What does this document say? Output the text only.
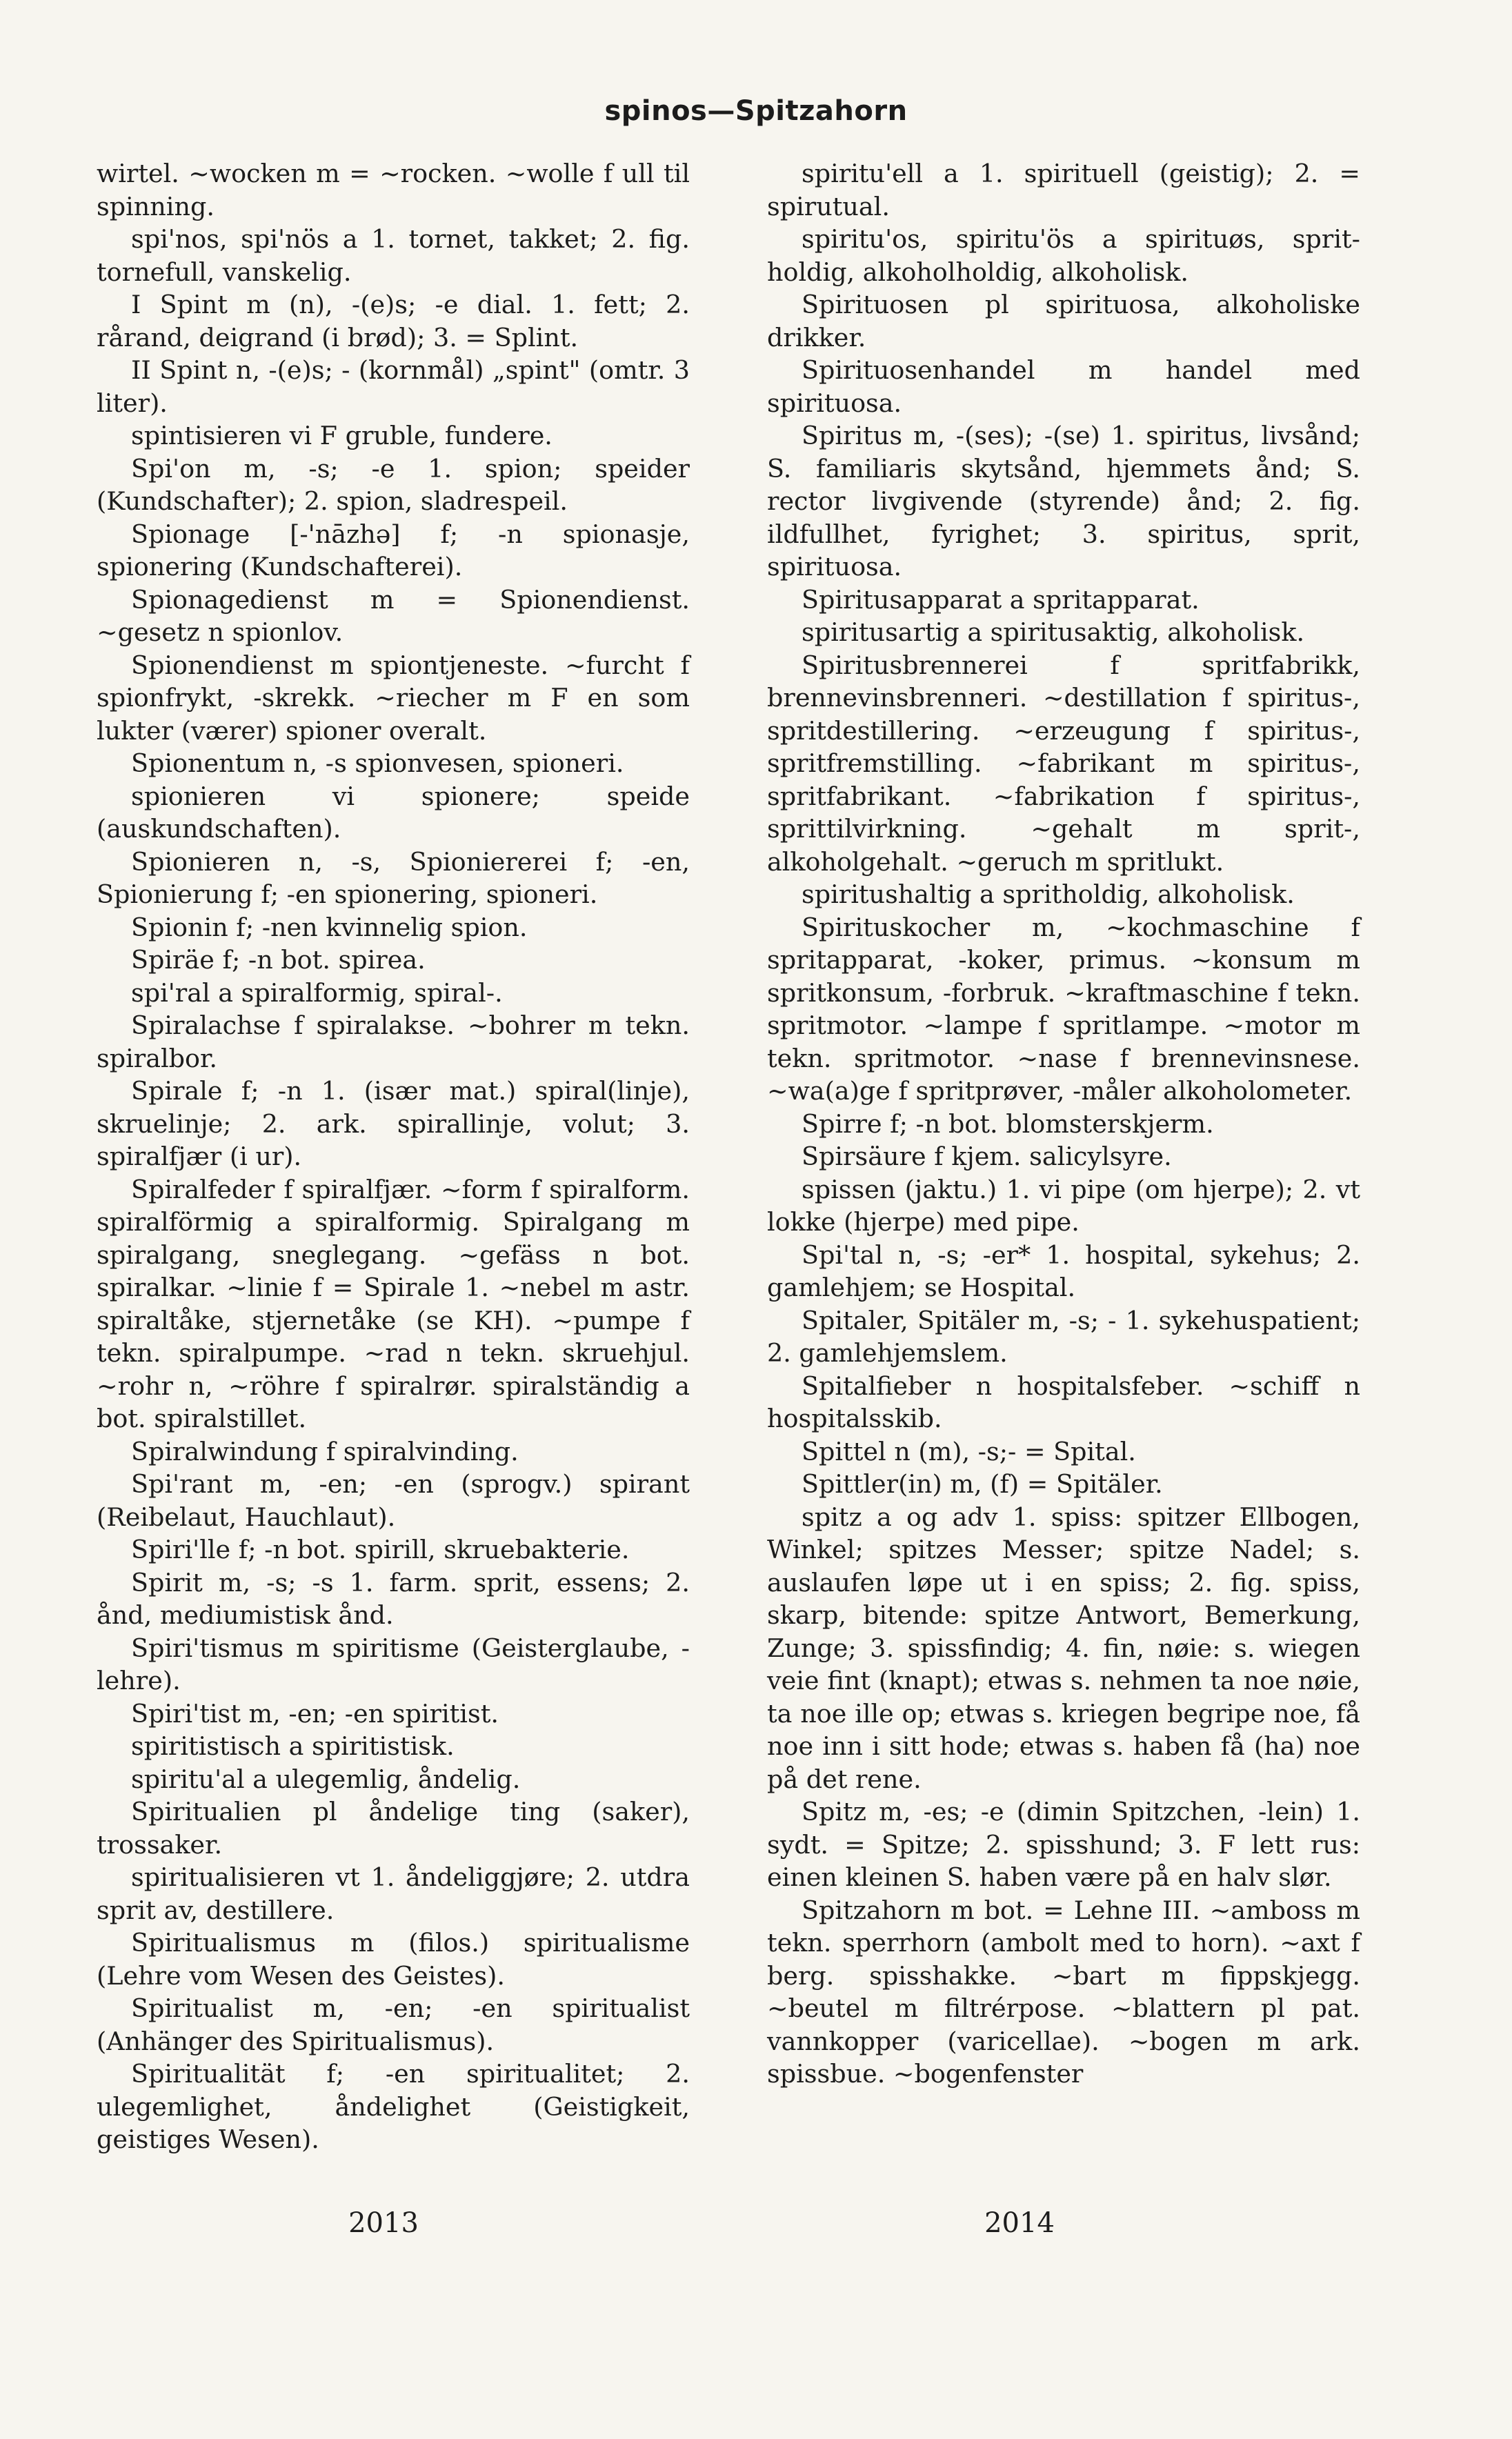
spinos—Spitzahorn

wirtel. ~wocken m = ~rocken. ~wolle f ull til spinning.

spi'nos, spi'nös a 1. tornet, takket; 2. fig. tornefull, vanskelig.

I Spint m (n), -(e)s; -e dial. 1. fett; 2. rårand, deigrand (i brød); 3. = Splint.

II Spint n, -(e)s; - (kornmål) „spint" (omtr. 3 liter).

spintisieren vi F gruble, fundere.

Spi'on m, -s; -e 1. spion; speider (Kundschafter); 2. spion, sladrespeil.

Spionage [-'nāzhə] f; -n spionasje, spionering (Kundschafterei).

Spionagedienst m = Spionendienst. ~gesetz n spionlov.

Spionendienst m spiontjeneste. ~furcht f spionfrykt, -skrekk. ~riecher m F en som lukter (værer) spioner overalt.

Spionentum n, -s spionvesen, spioneri.

spionieren vi spionere; speide (auskundschaften).

Spionieren n, -s, Spioniererei f; -en, Spionierung f; -en spionering, spioneri.

Spionin f; -nen kvinnelig spion.

Spiräe f; -n bot. spirea.

spi'ral a spiralformig, spiral-.

Spiralachse f spiralakse. ~bohrer m tekn. spiralbor.

Spirale f; -n 1. (især mat.) spiral(linje), skruelinje; 2. ark. spirallinje, volut; 3. spiralfjær (i ur).

Spiralfeder f spiralfjær. ~form f spiralform. spiralförmig a spiralformig. Spiralgang m spiralgang, sneglegang. ~gefäss n bot. spiralkar. ~linie f = Spirale 1. ~nebel m astr. spiraltåke, stjernetåke (se KH). ~pumpe f tekn. spiralpumpe. ~rad n tekn. skruehjul. ~rohr n, ~röhre f spiralrør. spiralständig a bot. spiralstillet.

Spiralwindung f spiralvinding.

Spi'rant m, -en; -en (sprogv.) spirant (Reibelaut, Hauchlaut).

Spiri'lle f; -n bot. spirill, skruebakterie.

Spirit m, -s; -s 1. farm. sprit, essens; 2. ånd, mediumistisk ånd.

Spiri'tismus m spiritisme (Geisterglaube, -lehre).

Spiri'tist m, -en; -en spiritist.

spiritistisch a spiritistisk.

spiritu'al a ulegemlig, åndelig.

Spiritualien pl åndelige ting (saker), trossaker.

spiritualisieren vt 1. åndeliggjøre; 2. utdra sprit av, destillere.

Spiritualismus m (filos.) spiritualisme (Lehre vom Wesen des Geistes).

Spiritualist m, -en; -en spiritualist (Anhänger des Spiritualismus).

Spiritualität f; -en spiritualitet; 2. ulegemlighet, åndelighet (Geistigkeit, geistiges Wesen).

spiritu'ell a 1. spirituell (geistig); 2. = spirutual.

spiritu'os, spiritu'ös a spirituøs, sprit-holdig, alkoholholdig, alkoholisk.

Spirituosen pl spirituosa, alkoholiske drikker.

Spirituosenhandel m handel med spirituosa.

Spiritus m, -(ses); -(se) 1. spiritus, livsånd; S. familiaris skytsånd, hjemmets ånd; S. rector livgivende (styrende) ånd; 2. fig. ildfullhet, fyrighet; 3. spiritus, sprit, spirituosa.

Spiritusapparat a spritapparat.

spiritusartig a spiritusaktig, alkoholisk.

Spiritusbrennerei f spritfabrikk, brennevinsbrenneri. ~destillation f spiritus-, spritdestillering. ~erzeugung f spiritus-, spritfremstilling. ~fabrikant m spiritus-, spritfabrikant. ~fabrikation f spiritus-, sprittilvirkning. ~gehalt m sprit-, alkoholgehalt. ~geruch m spritlukt.

spiritushaltig a spritholdig, alkoholisk.

Spirituskocher m, ~kochmaschine f spritapparat, -koker, primus. ~konsum m spritkonsum, -forbruk. ~kraftmaschine f tekn. spritmotor. ~lampe f spritlampe. ~motor m tekn. spritmotor. ~nase f brennevinsnese. ~wa(a)ge f spritprøver, -måler alkoholometer.

Spirre f; -n bot. blomsterskjerm.

Spirsäure f kjem. salicylsyre.

spissen (jaktu.) 1. vi pipe (om hjerpe); 2. vt lokke (hjerpe) med pipe.

Spi'tal n, -s; -er* 1. hospital, sykehus; 2. gamlehjem; se Hospital.

Spitaler, Spitäler m, -s; - 1. sykehuspatient; 2. gamlehjemslem.

Spitalfieber n hospitalsfeber. ~schiff n hospitalsskib.

Spittel n (m), -s;- = Spital.

Spittler(in) m, (f) = Spitäler.

spitz a og adv 1. spiss: spitzer Ellbogen, Winkel; spitzes Messer; spitze Nadel; s. auslaufen løpe ut i en spiss; 2. fig. spiss, skarp, bitende: spitze Antwort, Bemerkung, Zunge; 3. spissfindig; 4. fin, nøie: s. wiegen veie fint (knapt); etwas s. nehmen ta noe nøie, ta noe ille op; etwas s. kriegen begripe noe, få noe inn i sitt hode; etwas s. haben få (ha) noe på det rene.

Spitz m, -es; -e (dimin Spitzchen, -lein) 1. sydt. = Spitze; 2. spisshund; 3. F lett rus: einen kleinen S. haben være på en halv slør.

Spitzahorn m bot. = Lehne III. ~amboss m tekn. sperrhorn (ambolt med to horn). ~axt f berg. spisshakke. ~bart m fippskjegg. ~beutel m filtrérpose. ~blattern pl pat. vannkopper (varicellae). ~bogen m ark. spissbue. ~bogenfenster

2013	2014
